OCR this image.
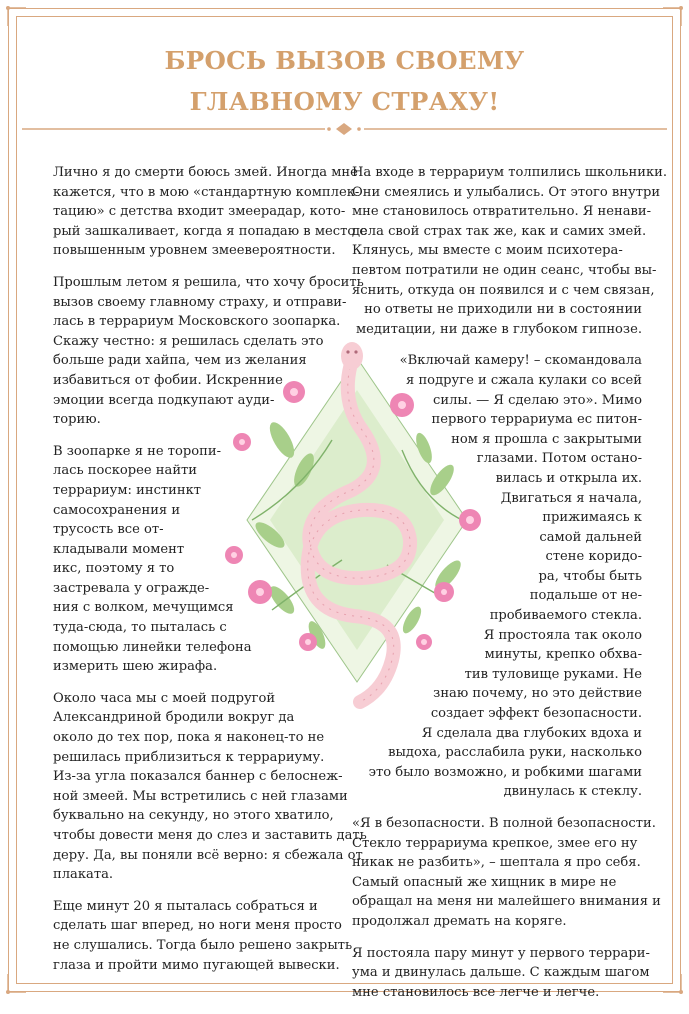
БРОСЬ ВЫЗОВ СВОЕМУ
ГЛАВНОМУ СТРАХУ!

Лично я до смерти боюсь змей. Иногда мне
кажется, что в мою «стандартную комплек-
тацию» с детства входит змеерадар, кото-
рый зашкаливает, когда я попадаю в место с
повышенным уровнем змеевероятности.

Прошлым летом я решила, что хочу бросить
вызов своему главному страху, и отправи-
лась в террариум Московского зоопарка.
Скажу честно: я решилась сделать это
больше ради хайпа, чем из желания
избавиться от фобии. Искренние
эмоции всегда подкупают ауди-
торию.

В зоопарке я не торопи-
лась поскорее найти
террариум: инстинкт
самосохранения и
трусость все от-
кладывали момент
икс, поэтому я то
застревала у огражде-
ния с волком, мечущимся
туда-сюда, то пыталась с
помощью линейки телефона
измерить шею жирафа.

Около часа мы с моей подругой
Александриной бродили вокруг да
около до тех пор, пока я наконец-то не
решилась приблизиться к террариуму.
Из-за угла показался баннер с белоснеж-
ной змеей. Мы встретились с ней глазами
буквально на секунду, но этого хватило,
чтобы довести меня до слез и заставить дать
деру. Да, вы поняли всё верно: я сбежала от
плаката.

Еще минут 20 я пыталась собраться и
сделать шаг вперед, но ноги меня просто
не слушались. Тогда было решено закрыть
глаза и пройти мимо пугающей вывески.

На входе в террариум толпились школьники.
Они смеялись и улыбались. От этого внутри
мне становилось отвратительно. Я ненави-
дела свой страх так же, как и самих змей.
Клянусь, мы вместе с моим психотера-
певтом потратили не один сеанс, чтобы вы-
яснить, откуда он появился и с чем связан,
но ответы не приходили ни в состоянии
медитации, ни даже в глубоком гипнозе.

«Включай камеру! – скомандовала
я подруге и сжала кулаки со всей
силы. — Я сделаю это». Мимо
первого террариума ес питон-
ном я прошла с закрытыми
глазами. Потом остано-
вилась и открыла их.
Двигаться я начала,
прижимаясь к
самой дальней
стене коридо-
ра, чтобы быть
подальше от не-
пробиваемого стекла.
Я простояла так около
минуты, крепко обхва-
тив туловище руками. Не
знаю почему, но это действие
создает эффект безопасности.
Я сделала два глубоких вдоха и
выдоха, расслабила руки, насколько
это было возможно, и робкими шагами
двинулась к стеклу.

«Я в безопасности. В полной безопасности.
Стекло террариума крепкое, змее его ну
никак не разбить», – шептала я про себя.
Самый опасный же хищник в мире не
обращал на меня ни малейшего внимания и
продолжал дремать на коряге.

Я постояла пару минут у первого террари-
ума и двинулась дальше. С каждым шагом
мне становилось все легче и легче.
